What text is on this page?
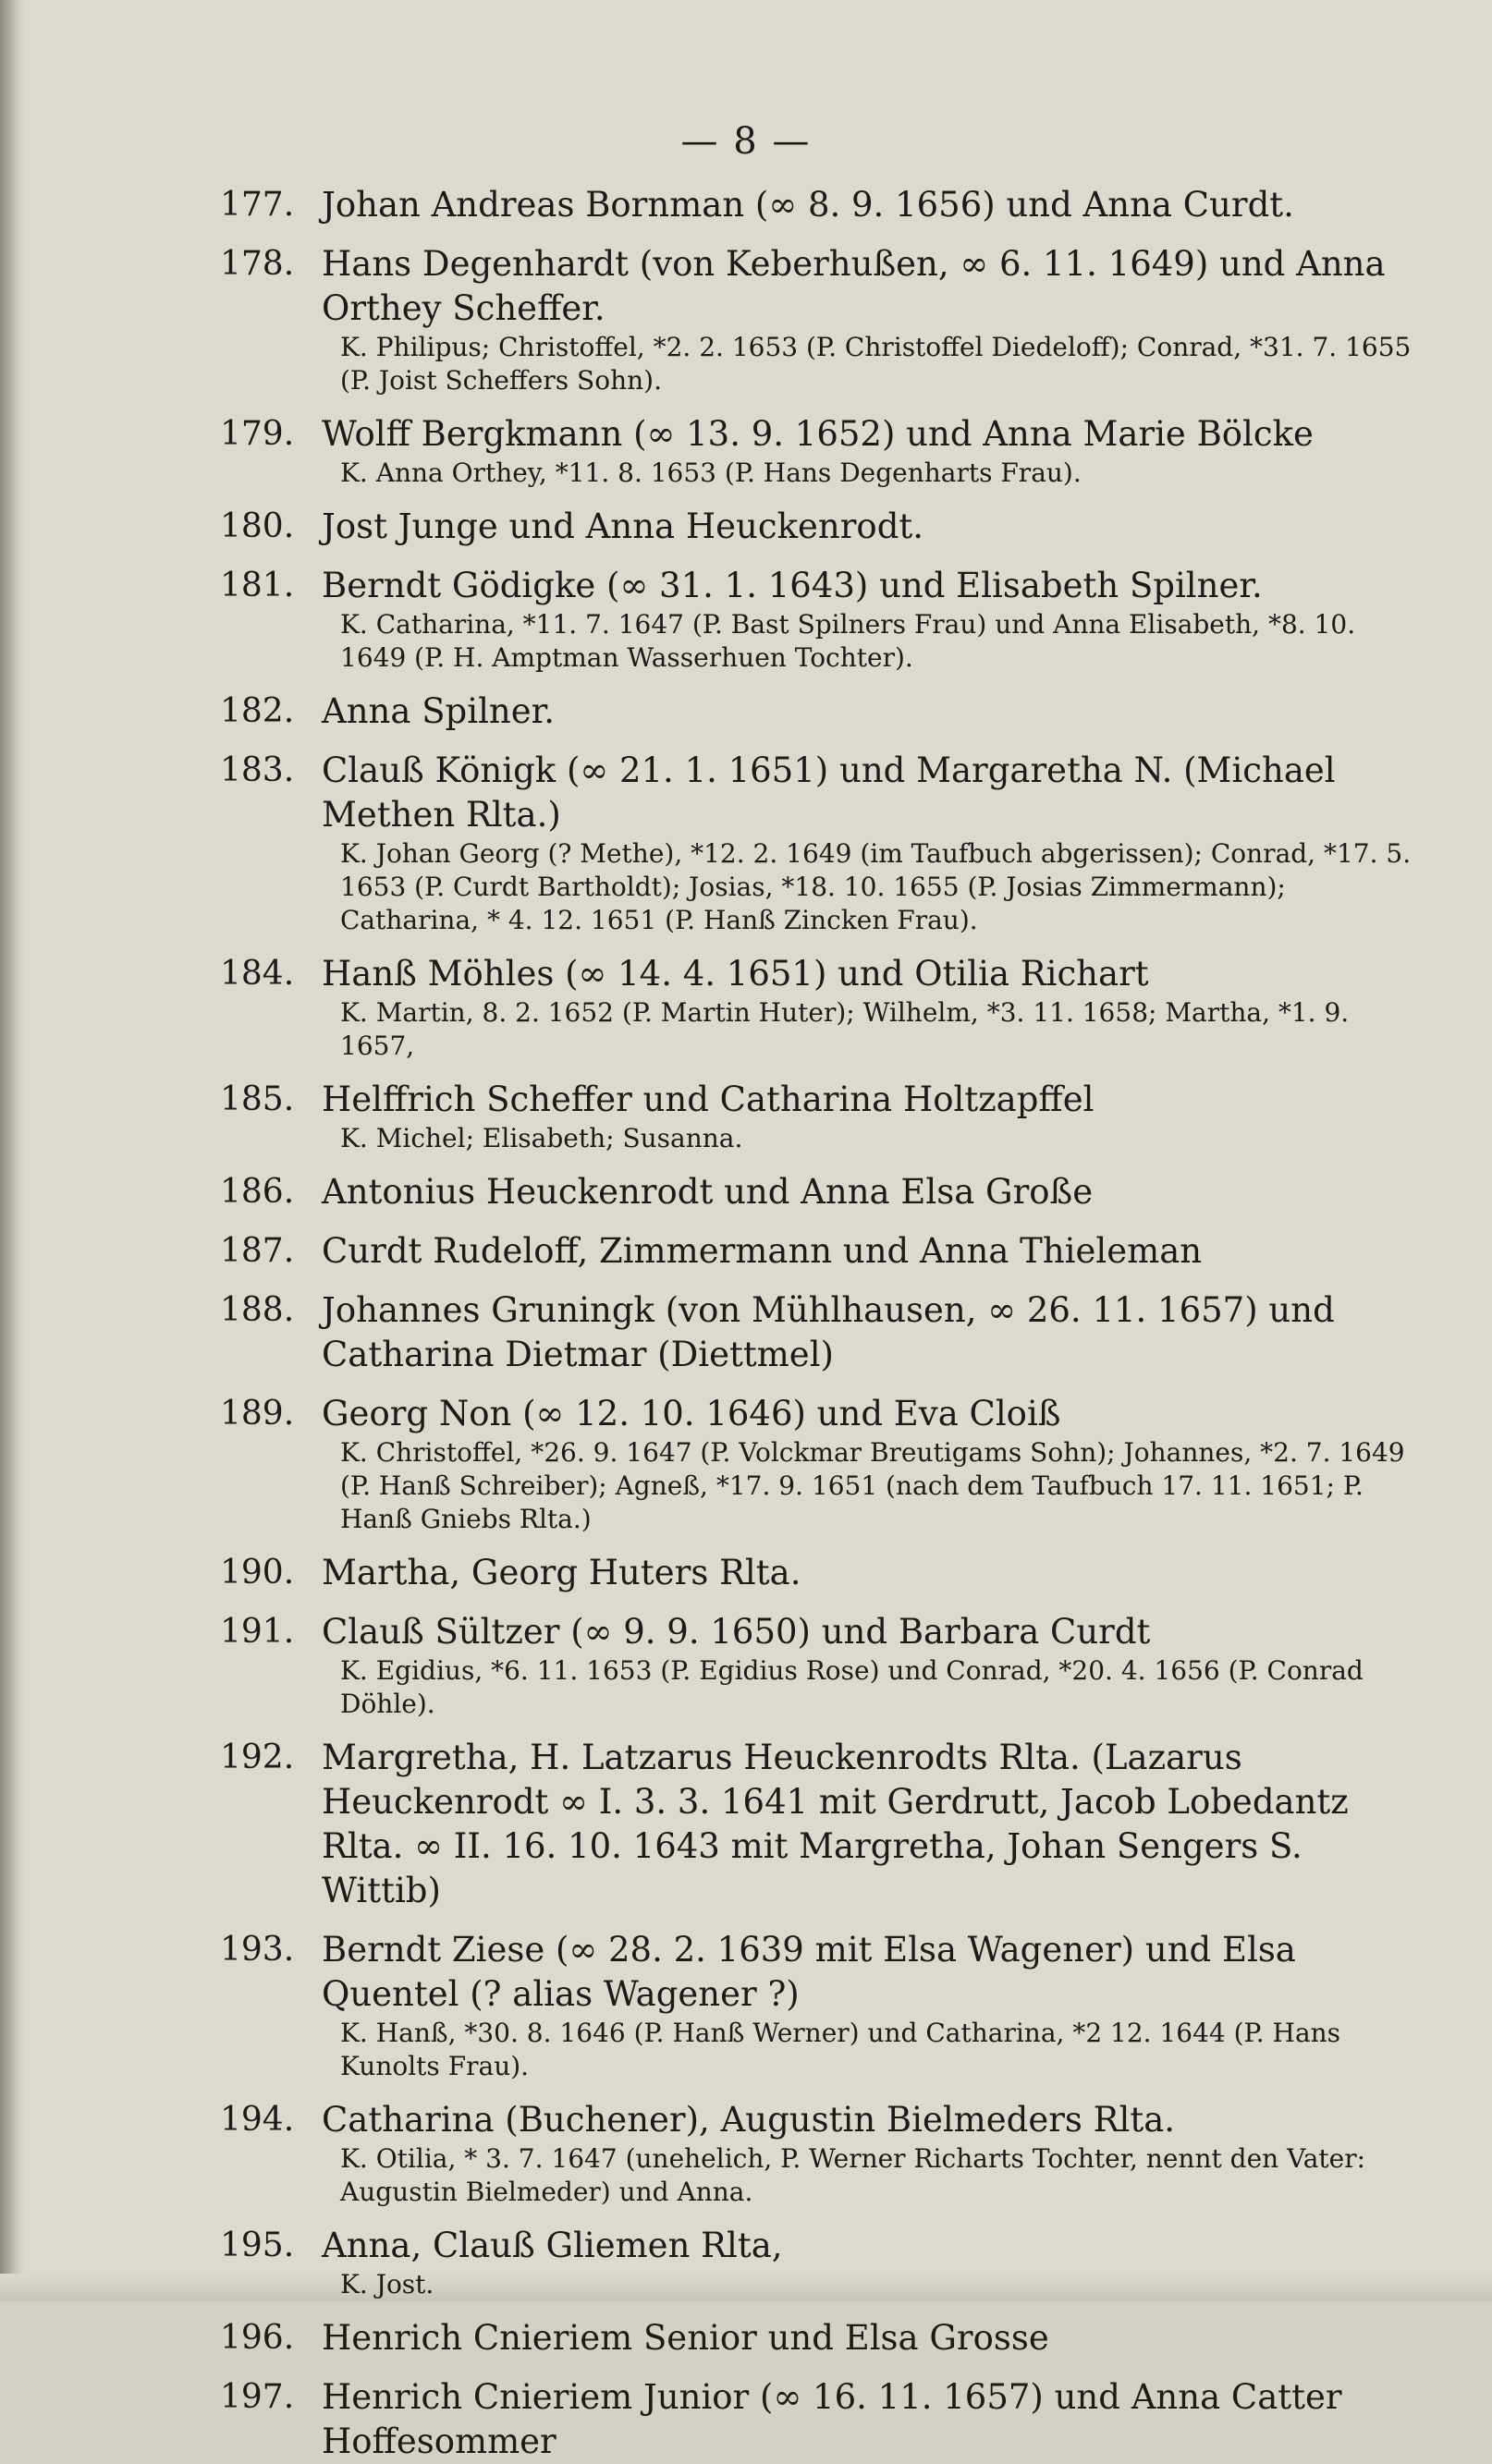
— 8 —
177. Johan Andreas Bornman (∞ 8. 9. 1656) und Anna Curdt.
178. Hans Degenhardt (von Keberhußen, ∞ 6. 11. 1649) und Anna Orthey Scheffer.
K. Philipus; Christoffel, *2. 2. 1653 (P. Christoffel Diedeloff); Conrad, *31. 7. 1655 (P. Joist Scheffers Sohn).
179. Wolff Bergkmann (∞ 13. 9. 1652) und Anna Marie Bölcke
K. Anna Orthey, *11. 8. 1653 (P. Hans Degenharts Frau).
180. Jost Junge und Anna Heuckenrodt.
181. Berndt Gödigke (∞ 31. 1. 1643) und Elisabeth Spilner.
K. Catharina, *11. 7. 1647 (P. Bast Spilners Frau) und Anna Elisabeth, *8. 10. 1649 (P. H. Amptman Wasserhuen Tochter).
182. Anna Spilner.
183. Clauß Königk (∞ 21. 1. 1651) und Margaretha N. (Michael Methen Rlta.)
K. Johan Georg (? Methe), *12. 2. 1649 (im Taufbuch abgerissen); Conrad, *17. 5. 1653 (P. Curdt Bartholdt); Josias, *18. 10. 1655 (P. Josias Zimmermann); Catharina, * 4. 12. 1651 (P. Hanß Zincken Frau).
184. Hanß Möhles (∞ 14. 4. 1651) und Otilia Richart
K. Martin, 8. 2. 1652 (P. Martin Huter); Wilhelm, *3. 11. 1658; Martha, *1. 9. 1657,
185. Helffrich Scheffer und Catharina Holtzapffel
K. Michel; Elisabeth; Susanna.
186. Antonius Heuckenrodt und Anna Elsa Große
187. Curdt Rudeloff, Zimmermann und Anna Thieleman
188. Johannes Gruningk (von Mühlhausen, ∞ 26. 11. 1657) und Catharina Dietmar (Diettmel)
189. Georg Non (∞ 12. 10. 1646) und Eva Cloiß
K. Christoffel, *26. 9. 1647 (P. Volckmar Breutigams Sohn); Johannes, *2. 7. 1649 (P. Hanß Schreiber); Agneß, *17. 9. 1651 (nach dem Taufbuch 17. 11. 1651; P. Hanß Gniebs Rlta.)
190. Martha, Georg Huters Rlta.
191. Clauß Sültzer (∞ 9. 9. 1650) und Barbara Curdt
K. Egidius, *6. 11. 1653 (P. Egidius Rose) und Conrad, *20. 4. 1656 (P. Conrad Döhle).
192. Margretha, H. Latzarus Heuckenrodts Rlta. (Lazarus Heuckenrodt ∞ I. 3. 3. 1641 mit Gerdrutt, Jacob Lobedantz Rlta. ∞ II. 16. 10. 1643 mit Margretha, Johan Sengers S. Wittib)
193. Berndt Ziese (∞ 28. 2. 1639 mit Elsa Wagener) und Elsa Quentel (? alias Wagener ?)
K. Hanß, *30. 8. 1646 (P. Hanß Werner) und Catharina, *2 12. 1644 (P. Hans Kunolts Frau).
194. Catharina (Buchener), Augustin Bielmeders Rlta.
K. Otilia, * 3. 7. 1647 (unehelich, P. Werner Richarts Tochter, nennt den Vater: Augustin Bielmeder) und Anna.
195. Anna, Clauß Gliemen Rlta,
K. Jost.
196. Henrich Cnieriem Senior und Elsa Grosse
197. Henrich Cnieriem Junior (∞ 16. 11. 1657) und Anna Catter Hoffesommer
